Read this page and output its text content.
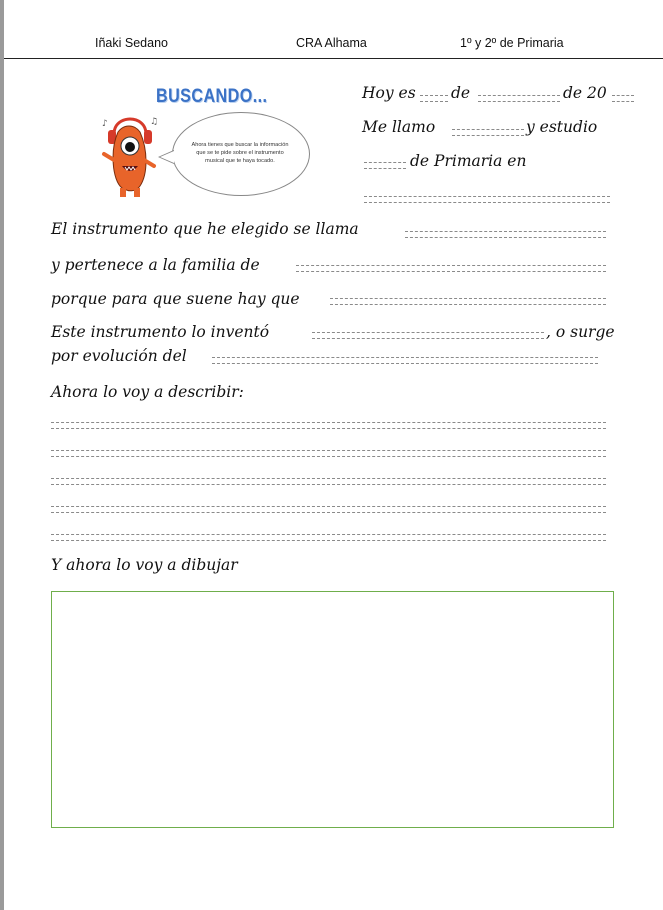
Iñaki Sedano	CRA Alhama	1º y 2º de Primaria
BUSCANDO...
♪	♫
Ahora tienes que buscar la información que se te pide sobre el instrumento musical que te haya tocado.
Hoy es de	de 20
Me llamo	y estudio
de Primaria en
El instrumento que he elegido se llama
y pertenece a la familia de
porque para que suene hay que
Este instrumento lo inventó	, o surge
por evolución del
Ahora lo voy a describir:
Y ahora lo voy a dibujar
